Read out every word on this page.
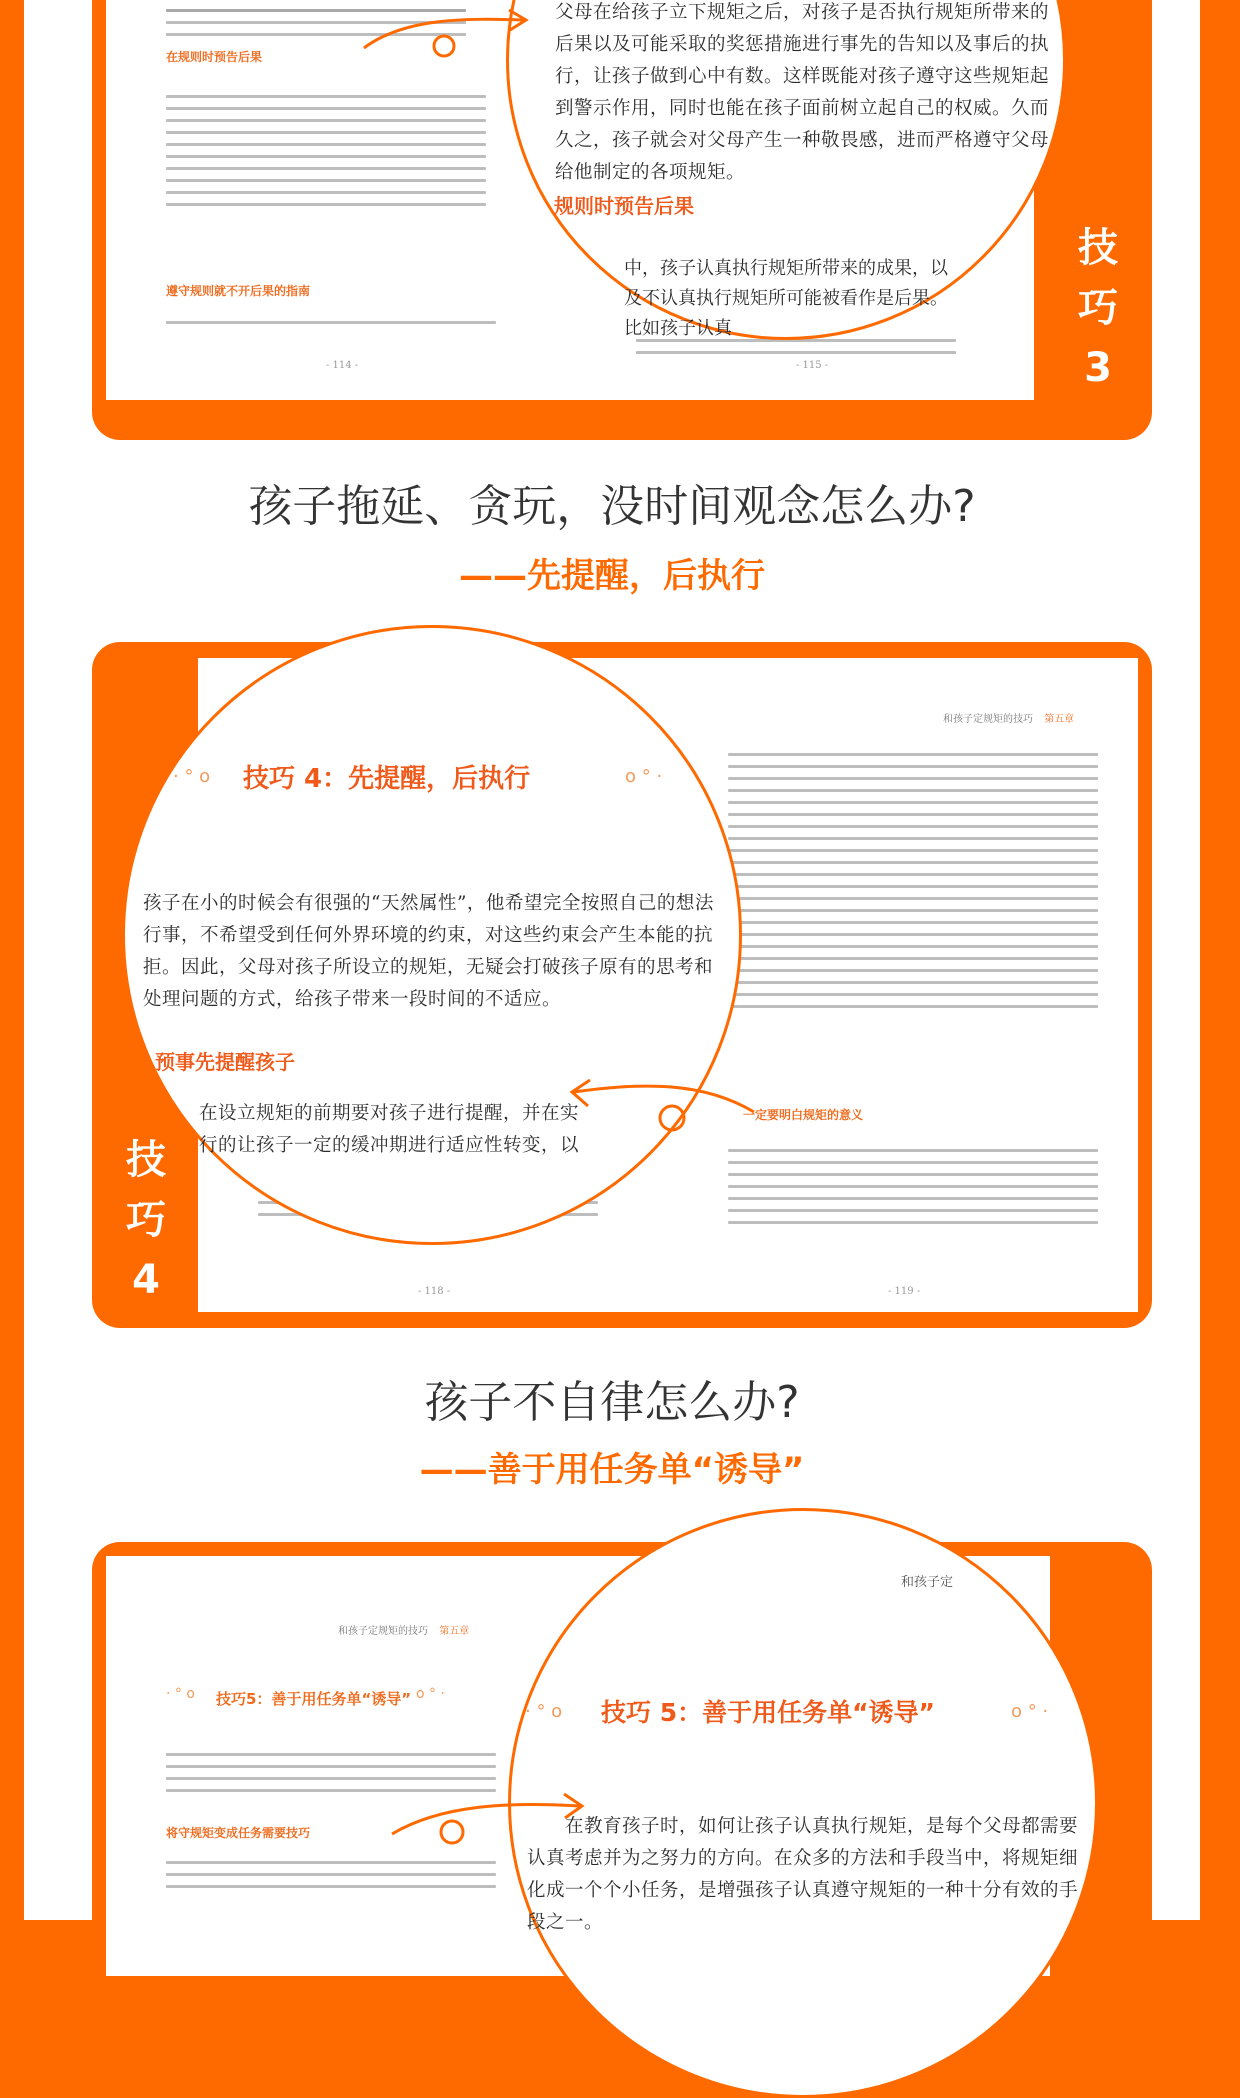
在规则时预告后果
遵守规则就不开后果的指南
- 114 -	- 115 -
技
巧
3
父母在给孩子立下规矩之后，对孩子是否执行规矩所带来的后果以及可能采取的奖惩措施进行事先的告知以及事后的执行，让孩子做到心中有数。这样既能对孩子遵守这些规矩起到警示作用，同时也能在孩子面前树立起自己的权威。久而久之，孩子就会对父母产生一种敬畏感，进而严格遵守父母给他制定的各项规矩。
规则时预告后果
中，孩子认真执行规矩所带来的成果，以及不认真执行规矩所可能被看作是后果。比如孩子认真
孩子拖延、贪玩，没时间观念怎么办?
——先提醒，后执行
和孩子定规矩的技巧 第五章
一定要明白规矩的意义
- 118 -	- 119 -
技
巧
4
· ° o 技巧 4：先提醒，后执行	o ° ·
孩子在小的时候会有很强的“天然属性”，他希望完全按照自己的想法行事，不希望受到任何外界环境的约束，对这些约束会产生本能的抗拒。因此，父母对孩子所设立的规矩，无疑会打破孩子原有的思考和处理问题的方式，给孩子带来一段时间的不适应。
预事先提醒孩子
在设立规矩的前期要对孩子进行提醒，并在实行的让孩子一定的缓冲期进行适应性转变，以
孩子不自律怎么办?
——善于用任务单“诱导”
和孩子定规矩的技巧 第五章
· ° o 技巧5：善于用任务单“诱导” o ° ·
将守规矩变成任务需要技巧
和孩子定
· ° o 技巧 5：善于用任务单“诱导”	o ° ·
在教育孩子时，如何让孩子认真执行规矩，是每个父母都需要认真考虑并为之努力的方向。在众多的方法和手段当中，将规矩细化成一个个小任务，是增强孩子认真遵守规矩的一种十分有效的手段之一。
